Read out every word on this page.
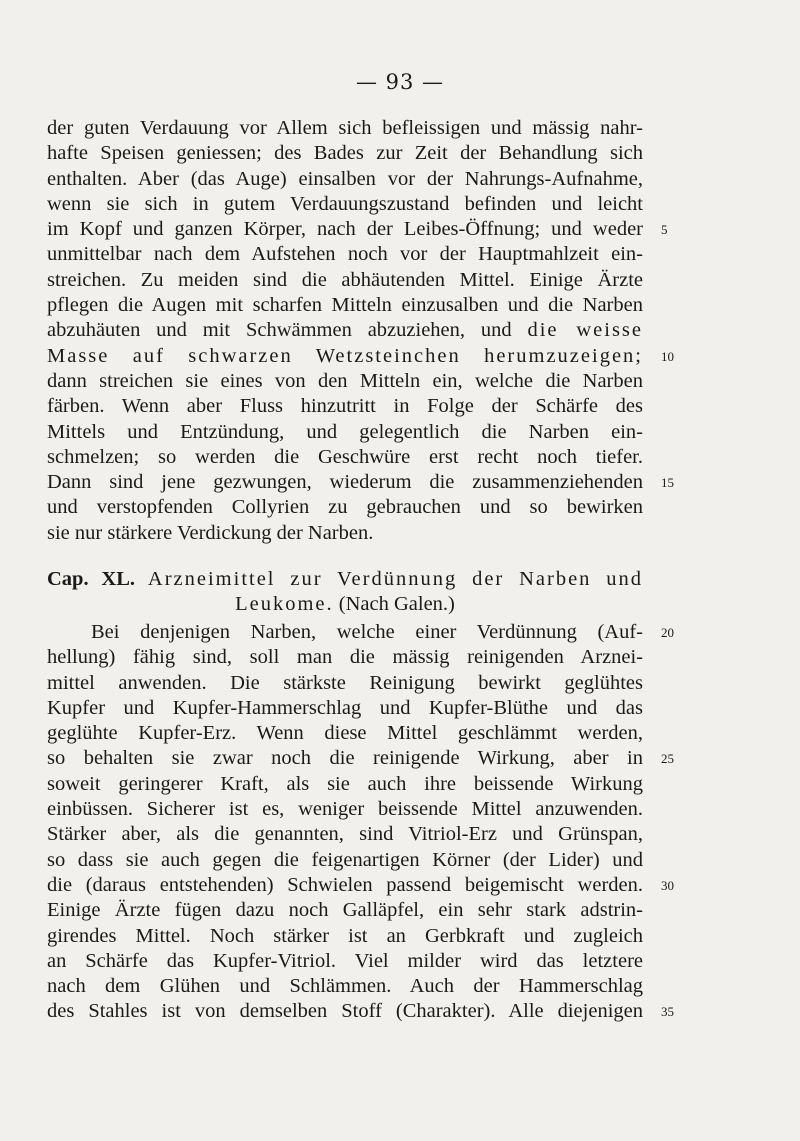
— 93 —
der guten Verdauung vor Allem sich befleissigen und mässig nahr-
hafte Speisen geniessen; des Bades zur Zeit der Behandlung sich
enthalten. Aber (das Auge) einsalben vor der Nahrungs-Aufnahme,
wenn sie sich in gutem Verdauungszustand befinden und leicht
im Kopf und ganzen Körper, nach der Leibes-Öffnung; und weder 5
unmittelbar nach dem Aufstehen noch vor der Hauptmahlzeit ein-
streichen. Zu meiden sind die abhäutenden Mittel. Einige Ärzte
pflegen die Augen mit scharfen Mitteln einzusalben und die Narben
abzuhäuten und mit Schwämmen abzuziehen, und die weisse
Masse auf schwarzen Wetzsteinchen herumzuzeigen; 10
dann streichen sie eines von den Mitteln ein, welche die Narben
färben. Wenn aber Fluss hinzutritt in Folge der Schärfe des
Mittels und Entzündung, und gelegentlich die Narben ein-
schmelzen; so werden die Geschwüre erst recht noch tiefer.
Dann sind jene gezwungen, wiederum die zusammenziehenden 15
und verstopfenden Collyrien zu gebrauchen und so bewirken
sie nur stärkere Verdickung der Narben.
Cap. XL. Arzneimittel zur Verdünnung der Narben und
Leukome. (Nach Galen.)
Bei denjenigen Narben, welche einer Verdünnung (Auf- 20
hellung) fähig sind, soll man die mässig reinigenden Arznei-
mittel anwenden. Die stärkste Reinigung bewirkt geglühtes
Kupfer und Kupfer-Hammerschlag und Kupfer-Blüthe und das
geglühte Kupfer-Erz. Wenn diese Mittel geschlämmt werden,
so behalten sie zwar noch die reinigende Wirkung, aber in 25
soweit geringerer Kraft, als sie auch ihre beissende Wirkung
einbüssen. Sicherer ist es, weniger beissende Mittel anzuwenden.
Stärker aber, als die genannten, sind Vitriol-Erz und Grünspan,
so dass sie auch gegen die feigenartigen Körner (der Lider) und
die (daraus entstehenden) Schwielen passend beigemischt werden. 30
Einige Ärzte fügen dazu noch Galläpfel, ein sehr stark adstrin-
girendes Mittel. Noch stärker ist an Gerbkraft und zugleich
an Schärfe das Kupfer-Vitriol. Viel milder wird das letztere
nach dem Glühen und Schlämmen. Auch der Hammerschlag
des Stahles ist von demselben Stoff (Charakter). Alle diejenigen 35
